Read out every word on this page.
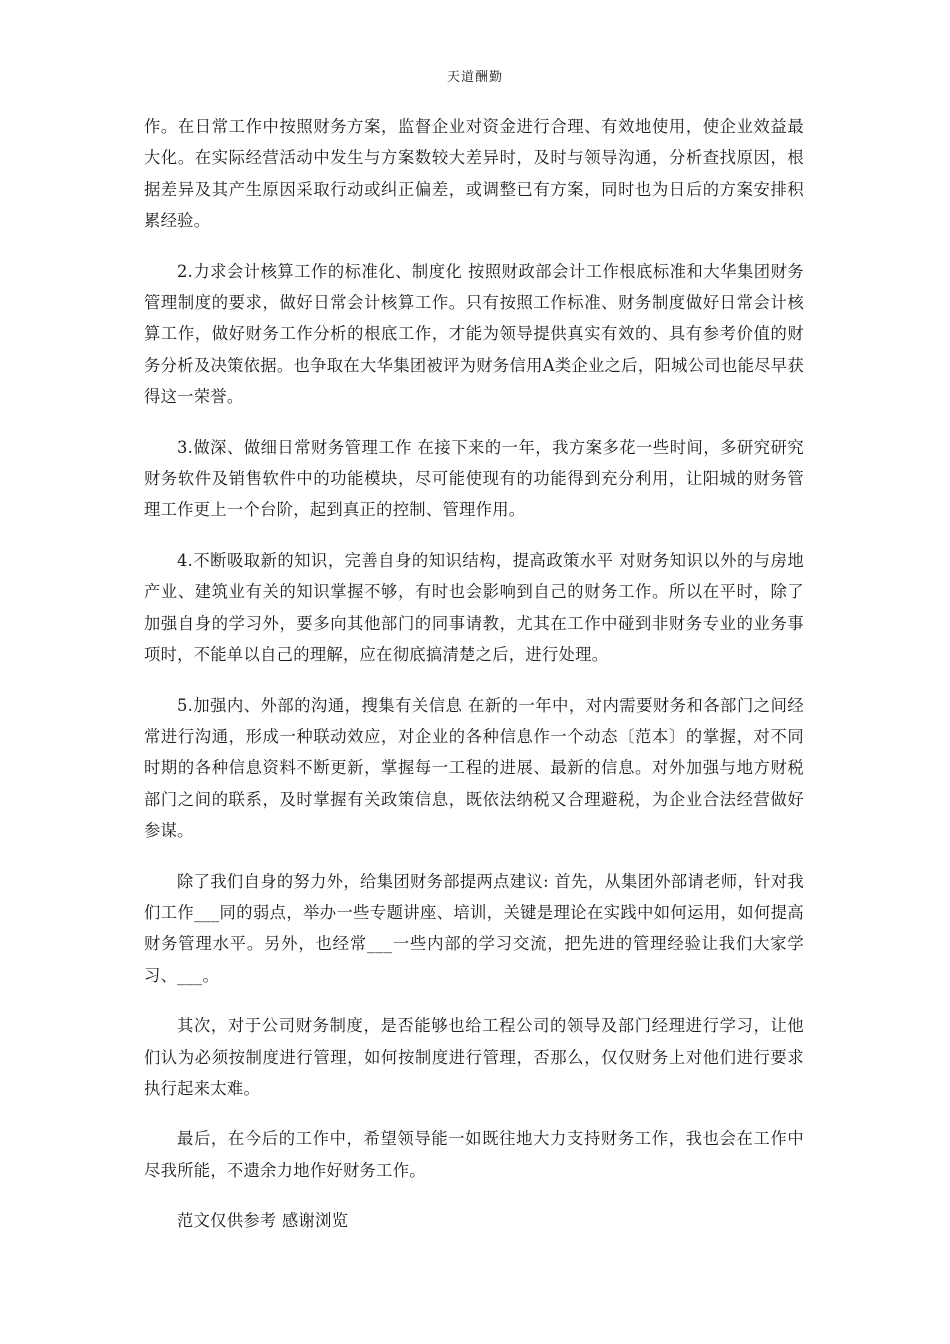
天道酬勤

作。在日常工作中按照财务方案，监督企业对资金进行合理、有效地使用，使企业效益最大化。在实际经营活动中发生与方案数较大差异时，及时与领导沟通，分析查找原因，根据差异及其产生原因采取行动或纠正偏差，或调整已有方案，同时也为日后的方案安排积累经验。

2.力求会计核算工作的标准化、制度化 按照财政部会计工作根底标准和大华集团财务管理制度的要求，做好日常会计核算工作。只有按照工作标准、财务制度做好日常会计核算工作，做好财务工作分析的根底工作，才能为领导提供真实有效的、具有参考价值的财务分析及决策依据。也争取在大华集团被评为财务信用A类企业之后，阳城公司也能尽早获得这一荣誉。

3.做深、做细日常财务管理工作 在接下来的一年，我方案多花一些时间，多研究研究财务软件及销售软件中的功能模块，尽可能使现有的功能得到充分利用，让阳城的财务管理工作更上一个台阶，起到真正的控制、管理作用。

4.不断吸取新的知识，完善自身的知识结构，提高政策水平 对财务知识以外的与房地产业、建筑业有关的知识掌握不够，有时也会影响到自己的财务工作。所以在平时，除了加强自身的学习外，要多向其他部门的同事请教，尤其在工作中碰到非财务专业的业务事项时，不能单以自己的理解，应在彻底搞清楚之后，进行处理。

5.加强内、外部的沟通，搜集有关信息 在新的一年中，对内需要财务和各部门之间经常进行沟通，形成一种联动效应，对企业的各种信息作一个动态〔范本〕的掌握，对不同时期的各种信息资料不断更新，掌握每一工程的进展、最新的信息。对外加强与地方财税部门之间的联系，及时掌握有关政策信息，既依法纳税又合理避税，为企业合法经营做好参谋。

除了我们自身的努力外，给集团财务部提两点建议: 首先，从集团外部请老师，针对我们工作___同的弱点，举办一些专题讲座、培训，关键是理论在实践中如何运用，如何提高财务管理水平。另外，也经常___一些内部的学习交流，把先进的管理经验让我们大家学习、___。

其次，对于公司财务制度，是否能够也给工程公司的领导及部门经理进行学习，让他们认为必须按制度进行管理，如何按制度进行管理，否那么，仅仅财务上对他们进行要求执行起来太难。

最后，在今后的工作中，希望领导能一如既往地大力支持财务工作，我也会在工作中尽我所能，不遗余力地作好财务工作。

范文仅供参考 感谢浏览
